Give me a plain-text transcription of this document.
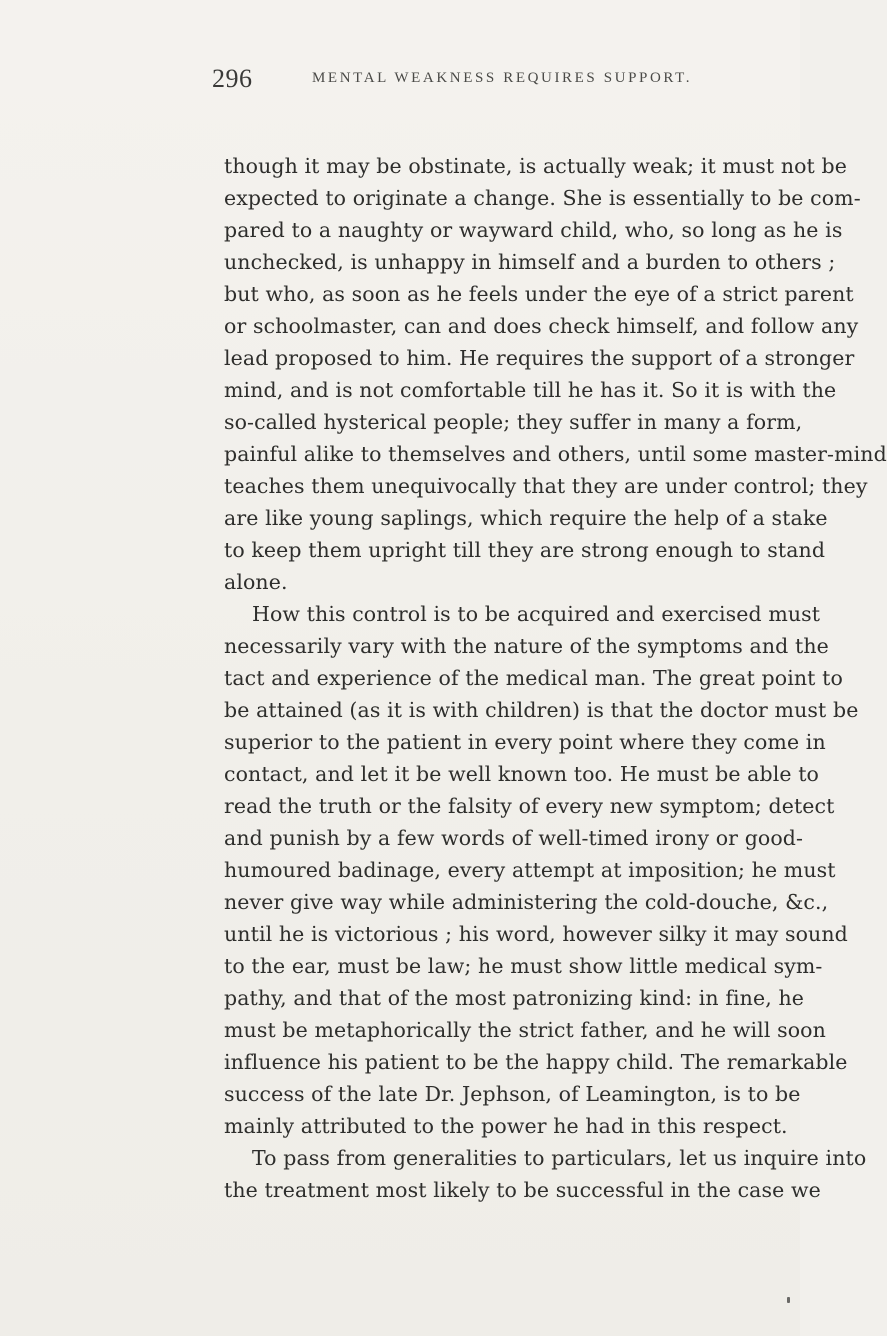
296	MENTAL WEAKNESS REQUIRES SUPPORT.
though it may be obstinate, is actually weak; it must not be
expected to originate a change. She is essentially to be com-
pared to a naughty or wayward child, who, so long as he is
unchecked, is unhappy in himself and a burden to others ;
but who, as soon as he feels under the eye of a strict parent
or schoolmaster, can and does check himself, and follow any
lead proposed to him. He requires the support of a stronger
mind, and is not comfortable till he has it. So it is with the
so-called hysterical people; they suffer in many a form,
painful alike to themselves and others, until some master-mind
teaches them unequivocally that they are under control; they
are like young saplings, which require the help of a stake
to keep them upright till they are strong enough to stand
alone.
How this control is to be acquired and exercised must
necessarily vary with the nature of the symptoms and the
tact and experience of the medical man. The great point to
be attained (as it is with children) is that the doctor must be
superior to the patient in every point where they come in
contact, and let it be well known too. He must be able to
read the truth or the falsity of every new symptom; detect
and punish by a few words of well-timed irony or good-
humoured badinage, every attempt at imposition; he must
never give way while administering the cold-douche, &c.,
until he is victorious ; his word, however silky it may sound
to the ear, must be law; he must show little medical sym-
pathy, and that of the most patronizing kind: in fine, he
must be metaphorically the strict father, and he will soon
influence his patient to be the happy child. The remarkable
success of the late Dr. Jephson, of Leamington, is to be
mainly attributed to the power he had in this respect.
To pass from generalities to particulars, let us inquire into
the treatment most likely to be successful in the case we
